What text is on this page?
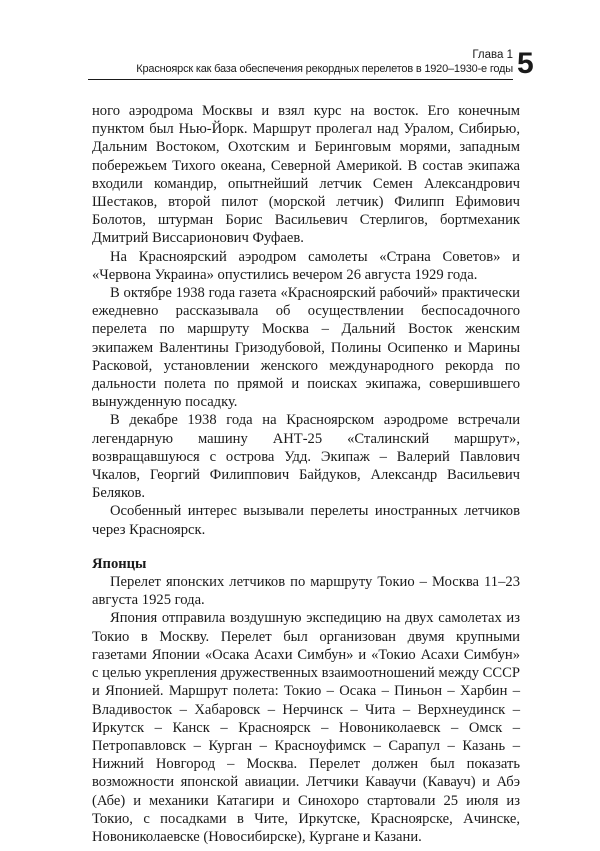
Глава 1
Красноярск как база обеспечения рекордных перелетов в 1920–1930-е годы 5

ного аэродрома Москвы и взял курс на восток. Его конечным пунктом был Нью-Йорк. Маршрут пролегал над Уралом, Сибирью, Дальним Востоком, Охотским и Беринговым морями, западным побережьем Тихого океана, Северной Америкой. В состав экипажа входили командир, опытнейший летчик Семен Александрович Шестаков, второй пилот (морской летчик) Филипп Ефимович Болотов, штурман Борис Васильевич Стерлигов, бортмеханик Дмитрий Виссарионович Фуфаев.

На Красноярский аэродром самолеты «Страна Советов» и «Червона Украина» опустились вечером 26 августа 1929 года.

В октябре 1938 года газета «Красноярский рабочий» практически ежедневно рассказывала об осуществлении беспосадочного перелета по маршруту Москва – Дальний Восток женским экипажем Валентины Гризодубовой, Полины Осипенко и Марины Расковой, установлении женского международного рекорда по дальности полета по прямой и поисках экипажа, совершившего вынужденную посадку.

В декабре 1938 года на Красноярском аэродроме встречали легендарную машину АНТ-25 «Сталинский маршрут», возвращавшуюся с острова Удд. Экипаж – Валерий Павлович Чкалов, Георгий Филиппович Байдуков, Александр Васильевич Беляков.

Особенный интерес вызывали перелеты иностранных летчиков через Красноярск.

Японцы

Перелет японских летчиков по маршруту Токио – Москва 11–23 августа 1925 года.

Япония отправила воздушную экспедицию на двух самолетах из Токио в Москву. Перелет был организован двумя крупными газетами Японии «Осака Асахи Симбун» и «Токио Асахи Симбун» с целью укрепления дружественных взаимоотношений между СССР и Японией. Маршрут полета: Токио – Осака – Пиньон – Харбин – Владивосток – Хабаровск – Нерчинск – Чита – Верхнеудинск – Иркутск – Канск – Красноярск – Новониколаевск – Омск – Петропавловск – Курган – Красноуфимск – Сарапул – Казань – Нижний Новгород – Москва. Перелет должен был показать возможности японской авиации. Летчики Каваучи (Кавауч) и Абэ (Абе) и механики Катагири и Синохоро стартовали 25 июля из Токио, с посадками в Чите, Иркутске, Красноярске, Ачинске, Новониколаевске (Новосибирске), Кургане и Казани.
